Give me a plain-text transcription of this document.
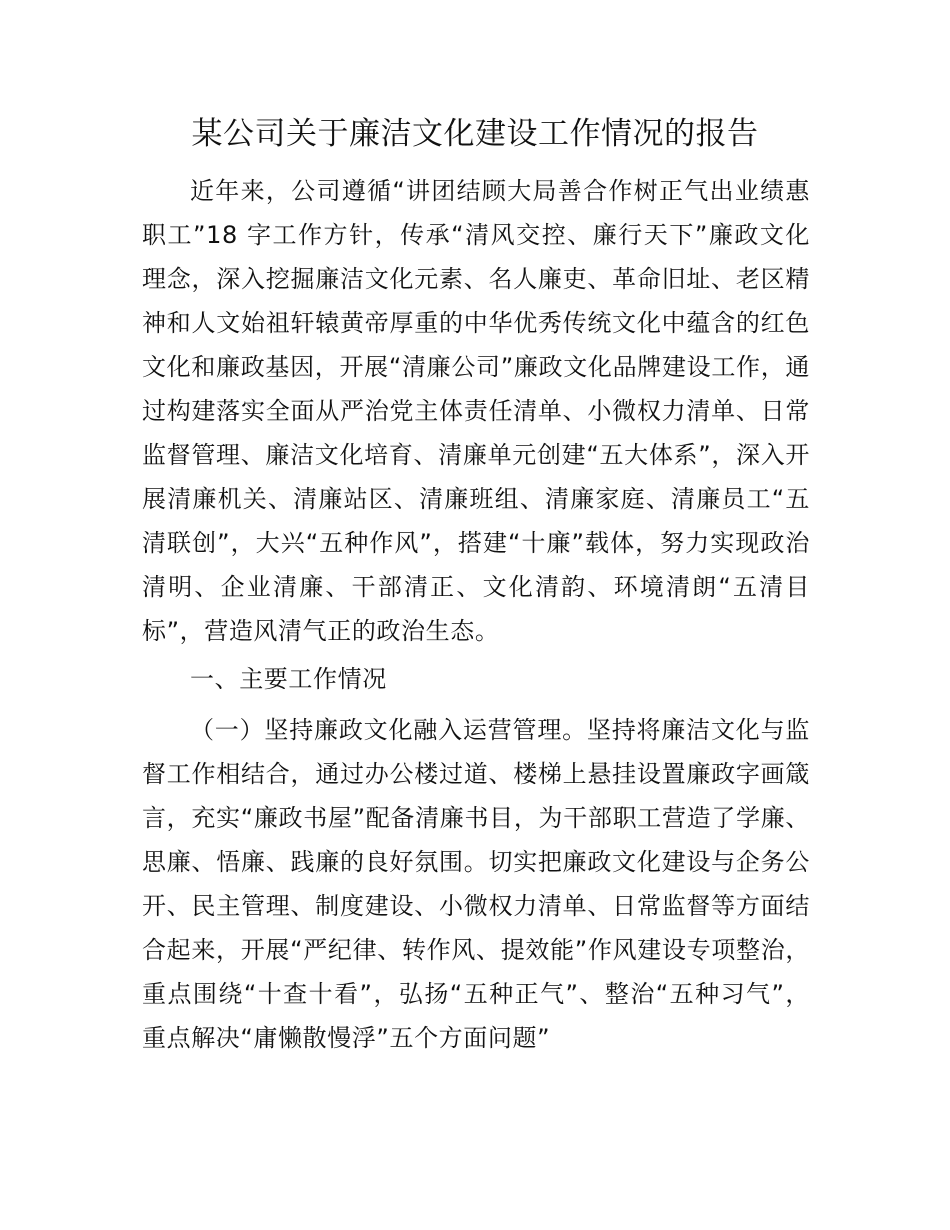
某公司关于廉洁文化建设工作情况的报告

近年来，公司遵循“讲团结顾大局善合作树正气出业绩惠职工”18 字工作方针，传承“清风交控、廉行天下”廉政文化理念，深入挖掘廉洁文化元素、名人廉吏、革命旧址、老区精神和人文始祖轩辕黄帝厚重的中华优秀传统文化中蕴含的红色文化和廉政基因，开展“清廉公司”廉政文化品牌建设工作，通过构建落实全面从严治党主体责任清单、小微权力清单、日常监督管理、廉洁文化培育、清廉单元创建“五大体系”，深入开展清廉机关、清廉站区、清廉班组、清廉家庭、清廉员工“五清联创”，大兴“五种作风”，搭建“十廉”载体，努力实现政治清明、企业清廉、干部清正、文化清韵、环境清朗“五清目标”，营造风清气正的政治生态。

一、主要工作情况

（一）坚持廉政文化融入运营管理。坚持将廉洁文化与监督工作相结合，通过办公楼过道、楼梯上悬挂设置廉政字画箴言，充实“廉政书屋”配备清廉书目，为干部职工营造了学廉、思廉、悟廉、践廉的良好氛围。切实把廉政文化建设与企务公开、民主管理、制度建设、小微权力清单、日常监督等方面结合起来，开展“严纪律、转作风、提效能”作风建设专项整治，重点围绕“十查十看”，弘扬“五种正气”、整治“五种习气”，重点解决“庸懒散慢浮”五个方面问题”
